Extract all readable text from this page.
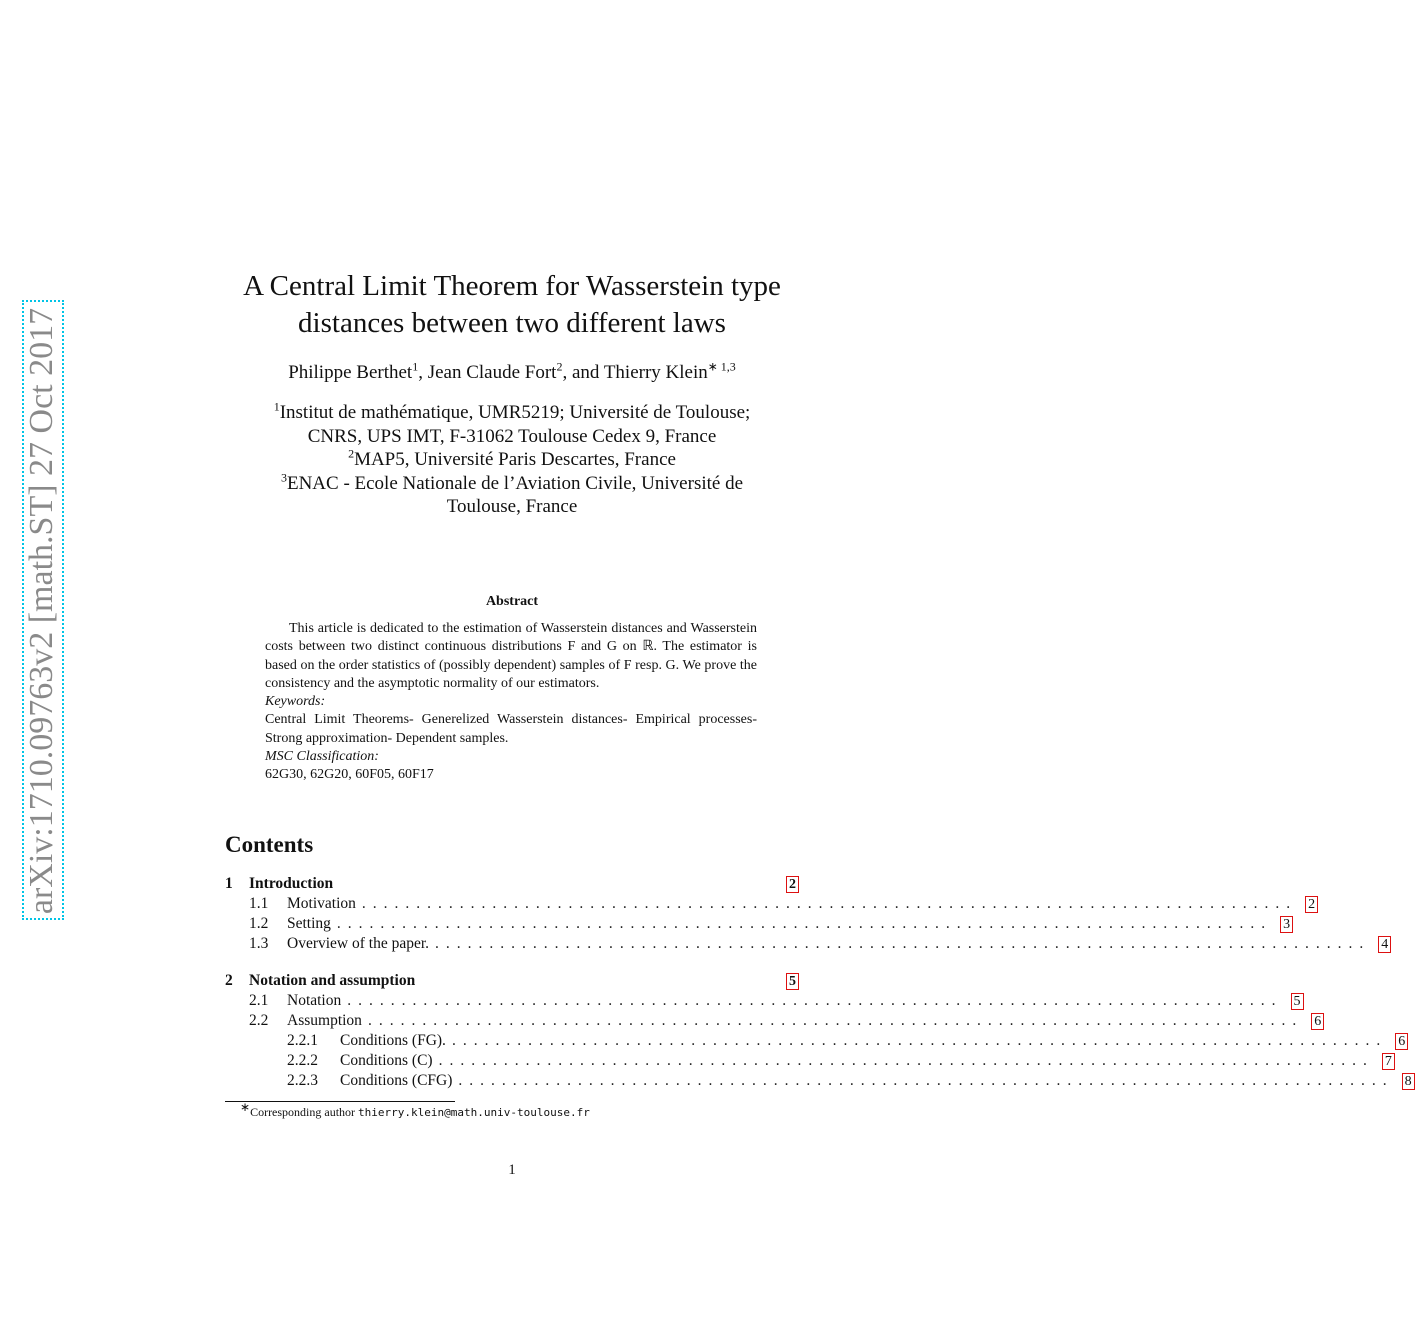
arXiv:1710.09763v2 [math.ST] 27 Oct 2017
A Central Limit Theorem for Wasserstein type
distances between two different laws
Philippe Berthet$^1$, Jean Claude Fort$^2$, and Thierry Klein$^{∗ 1,3}$
$^1$Institut de mathématique, UMR5219; Université de Toulouse;
CNRS, UPS IMT, F-31062 Toulouse Cedex 9, France
$^2$MAP5, Université Paris Descartes, France
$^3$ENAC - Ecole Nationale de l’Aviation Civile, Université de
Toulouse, France
Abstract

This article is dedicated to the estimation of Wasserstein distances and Wasserstein costs between two distinct continuous distributions F and G on ℝ. The estimator is based on the order statistics of (possibly dependent) samples of F resp. G. We prove the consistency and the asymptotic normality of our estimators.

Keywords:

Central Limit Theorems- Generelized Wasserstein distances- Empirical processes- Strong approximation- Dependent samples.

MSC Classification:

62G30, 62G20, 60F05, 60F17

Contents
1	Introduction	2
1.1	Motivation ...................................................................................... 2
1.2	Setting ...................................................................................... 3
1.3	Overview of the paper. ...................................................................................... 4
2	Notation and assumption	5
2.1	Notation ...................................................................................... 5
2.2	Assumption ...................................................................................... 6
2.2.1	Conditions (FG). ...................................................................................... 6
2.2.2	Conditions (C) ...................................................................................... 7
2.2.3	Conditions (CFG) ...................................................................................... 8
∗Corresponding author thierry.klein@math.univ-toulouse.fr
1
